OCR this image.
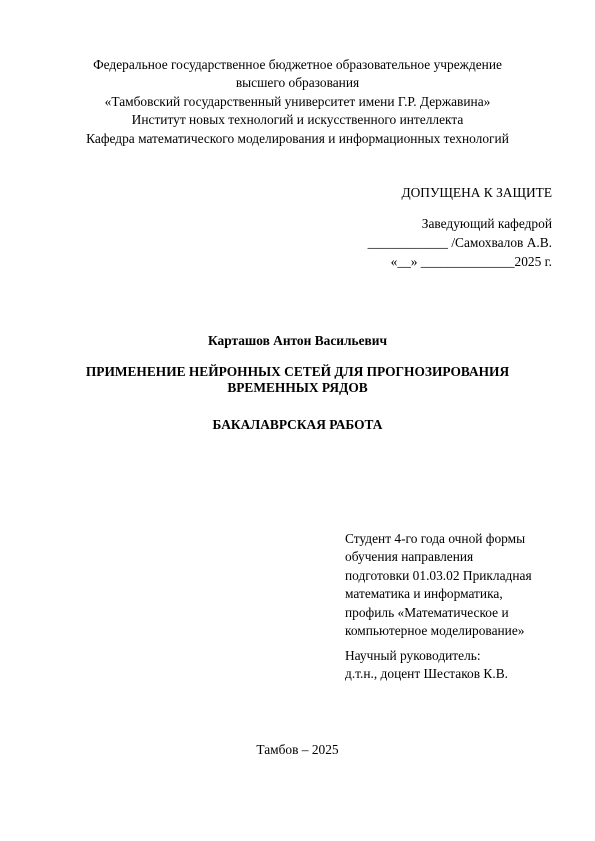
Федеральное государственное бюджетное образовательное учреждение
высшего образования
«Тамбовский государственный университет имени Г.Р. Державина»
Институт новых технологий и искусственного интеллекта
Кафедра математического моделирования и информационных технологий
ДОПУЩЕНА К ЗАЩИТЕ
Заведующий кафедрой
____________ /Самохвалов А.В.
«__» ______________2025 г.
Карташов Антон Васильевич
ПРИМЕНЕНИЕ НЕЙРОННЫХ СЕТЕЙ ДЛЯ ПРОГНОЗИРОВАНИЯ
ВРЕМЕННЫХ РЯДОВ
БАКАЛАВРСКАЯ РАБОТА
Студент 4-го года очной формы
обучения направления
подготовки 01.03.02 Прикладная
математика и информатика,
профиль «Математическое и
компьютерное моделирование»
Научный руководитель:
д.т.н., доцент Шестаков К.В.
Тамбов – 2025
